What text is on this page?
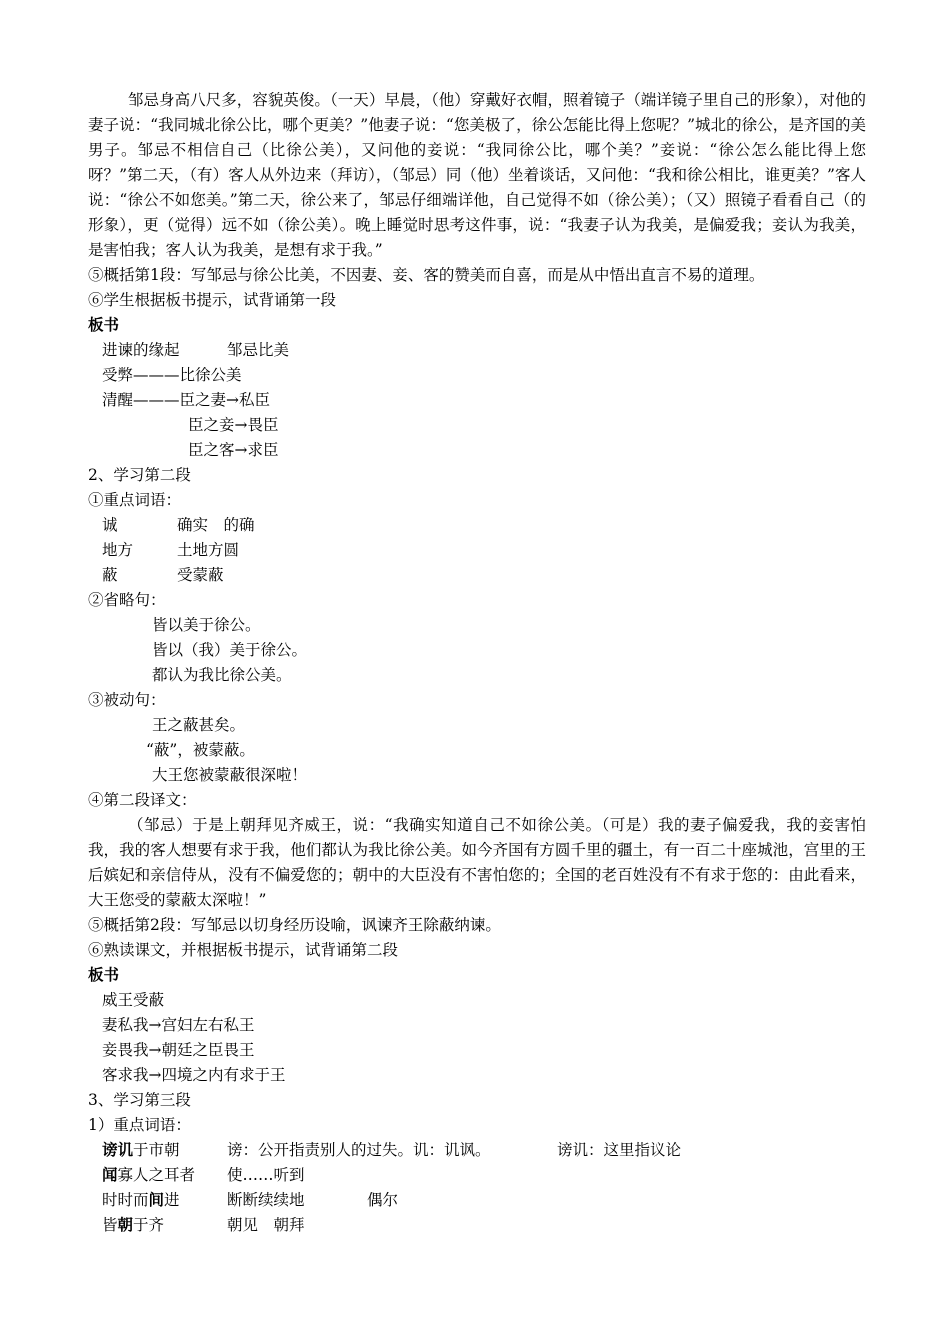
邹忌身高八尺多，容貌英俊。（一天）早晨，（他）穿戴好衣帽，照着镜子（端详镜子里自己的形象），对他的妻子说：“我同城北徐公比，哪个更美？”他妻子说：“您美极了，徐公怎能比得上您呢？”城北的徐公，是齐国的美男子。邹忌不相信自己（比徐公美），又问他的妾说：“我同徐公比，哪个美？”妾说：“徐公怎么能比得上您呀？”第二天，（有）客人从外边来（拜访），（邹忌）同（他）坐着谈话，又问他：“我和徐公相比，谁更美？”客人说：“徐公不如您美。”第二天，徐公来了，邹忌仔细端详他，自己觉得不如（徐公美）；（又）照镜子看看自己（的形象），更（觉得）远不如（徐公美）。晚上睡觉时思考这件事，说：“我妻子认为我美，是偏爱我；妾认为我美，是害怕我；客人认为我美，是想有求于我。”

⑤概括第1段：写邹忌与徐公比美，不因妻、妾、客的赞美而自喜，而是从中悟出直言不易的道理。
⑥学生根据板书提示，试背诵第一段
板书
进谏的缘起	邹忌比美
受弊———比徐公美
清醒———臣之妻→私臣
臣之妾→畏臣
臣之客→求臣
2、学习第二段
①重点词语：
诚	确实　的确
地方	土地方圆
蔽	受蒙蔽
②省略句：
皆以美于徐公。
皆以（我）美于徐公。
都认为我比徐公美。
③被动句：
王之蔽甚矣。
“蔽”，被蒙蔽。
大王您被蒙蔽很深啦！
④第二段译文：

（邹忌）于是上朝拜见齐威王，说：“我确实知道自己不如徐公美。（可是）我的妻子偏爱我，我的妾害怕我，我的客人想要有求于我，他们都认为我比徐公美。如今齐国有方圆千里的疆土，有一百二十座城池，宫里的王后嫔妃和亲信侍从，没有不偏爱您的；朝中的大臣没有不害怕您的；全国的老百姓没有不有求于您的：由此看来，大王您受的蒙蔽太深啦！”

⑤概括第2段：写邹忌以切身经历设喻，讽谏齐王除蔽纳谏。
⑥熟读课文，并根据板书提示，试背诵第二段
板书
威王受蔽
妻私我→宫妇左右私王
妾畏我→朝廷之臣畏王
客求我→四境之内有求于王
3、学习第三段
1）重点词语：
谤讥于市朝	谤：公开指责别人的过失。讥：讥讽。	谤讥：这里指议论
闻寡人之耳者 使……听到
时时而间进	断断续续地	偶尔
皆朝于齐	朝见　朝拜
